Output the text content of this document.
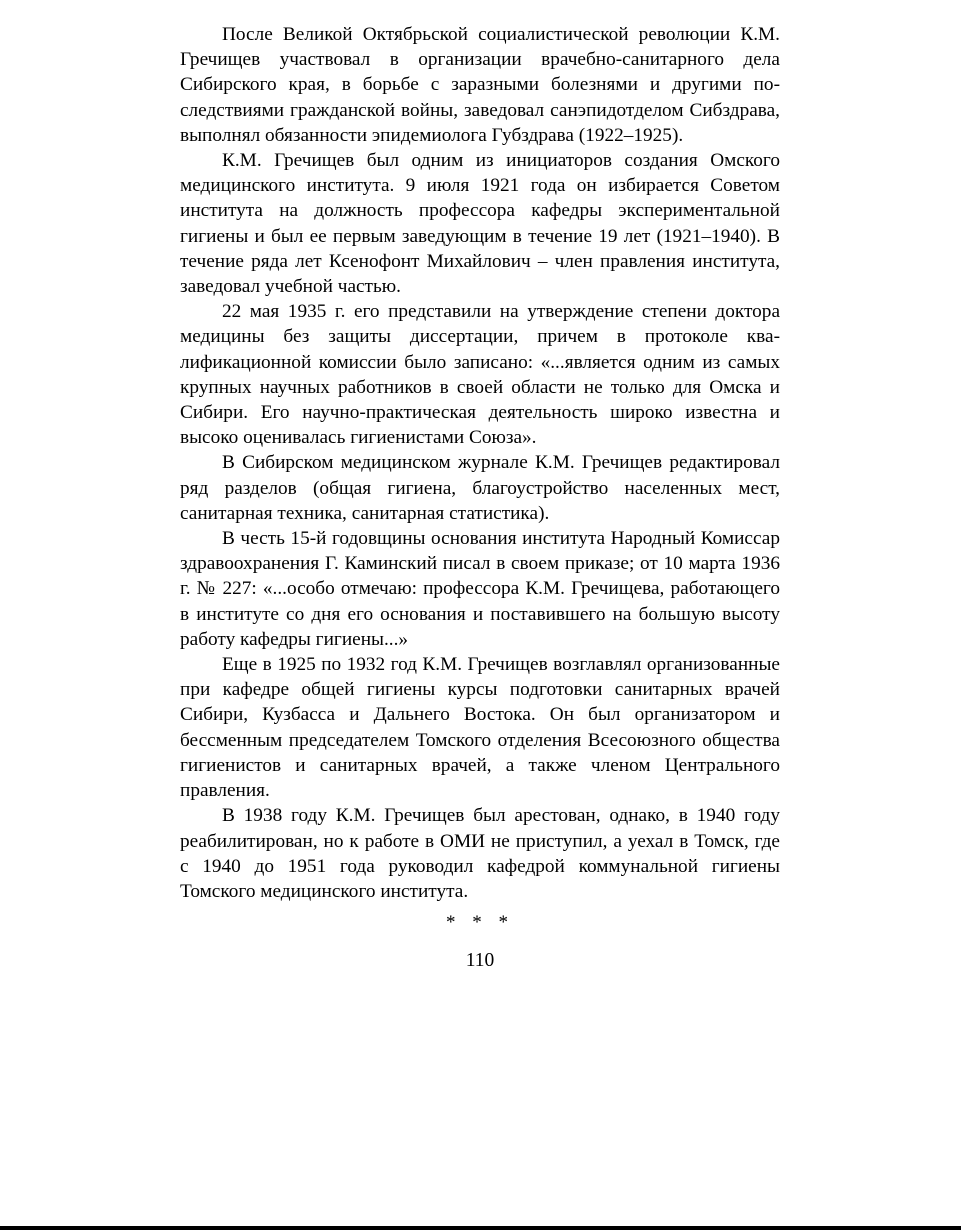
После Великой Октябрьской социалистической революции К.М. Гречищев участвовал в организации врачебно-санитарного дела Сибирского края, в борьбе с заразными болезнями и другими последствиями гражданской войны, заведовал санэпидотделом Сибздрава, выполнял обязанности эпидемиолога Губздрава (1922–1925).

К.М. Гречищев был одним из инициаторов создания Омского медицинского института. 9 июля 1921 года он избирается Советом института на должность профессора кафедры экспериментальной гигиены и был ее первым заведующим в течение 19 лет (1921–1940). В течение ряда лет Ксенофонт Михайлович – член правления института, заведовал учебной частью.

22 мая 1935 г. его представили на утверждение степени доктора медицины без защиты диссертации, причем в протоколе квалификационной комиссии было записано: «...является одним из самых крупных научных работников в своей области не только для Омска и Сибири. Его научно-практическая деятельность широко известна и высоко оценивалась гигиенистами Союза».

В Сибирском медицинском журнале К.М. Гречищев редактировал ряд разделов (общая гигиена, благоустройство населенных мест, санитарная техника, санитарная статистика).

В честь 15-й годовщины основания института Народный Комиссар здравоохранения Г. Каминский писал в своем приказе; от 10 марта 1936 г. № 227: «...особо отмечаю: профессора К.М. Гречищева, работающего в институте со дня его основания и поставившего на большую высоту работу кафедры гигиены...»

Еще в 1925 по 1932 год К.М. Гречищев возглавлял организованные при кафедре общей гигиены курсы подготовки санитарных врачей Сибири, Кузбасса и Дальнего Востока. Он был организатором и бессменным председателем Томского отделения Всесоюзного общества гигиенистов и санитарных врачей, а также членом Центрального правления.

В 1938 году К.М. Гречищев был арестован, однако, в 1940 году реабилитирован, но к работе в ОМИ не приступил, а уехал в Томск, где с 1940 до 1951 года руководил кафедрой коммунальной гигиены Томского медицинского института.

* * *
110
